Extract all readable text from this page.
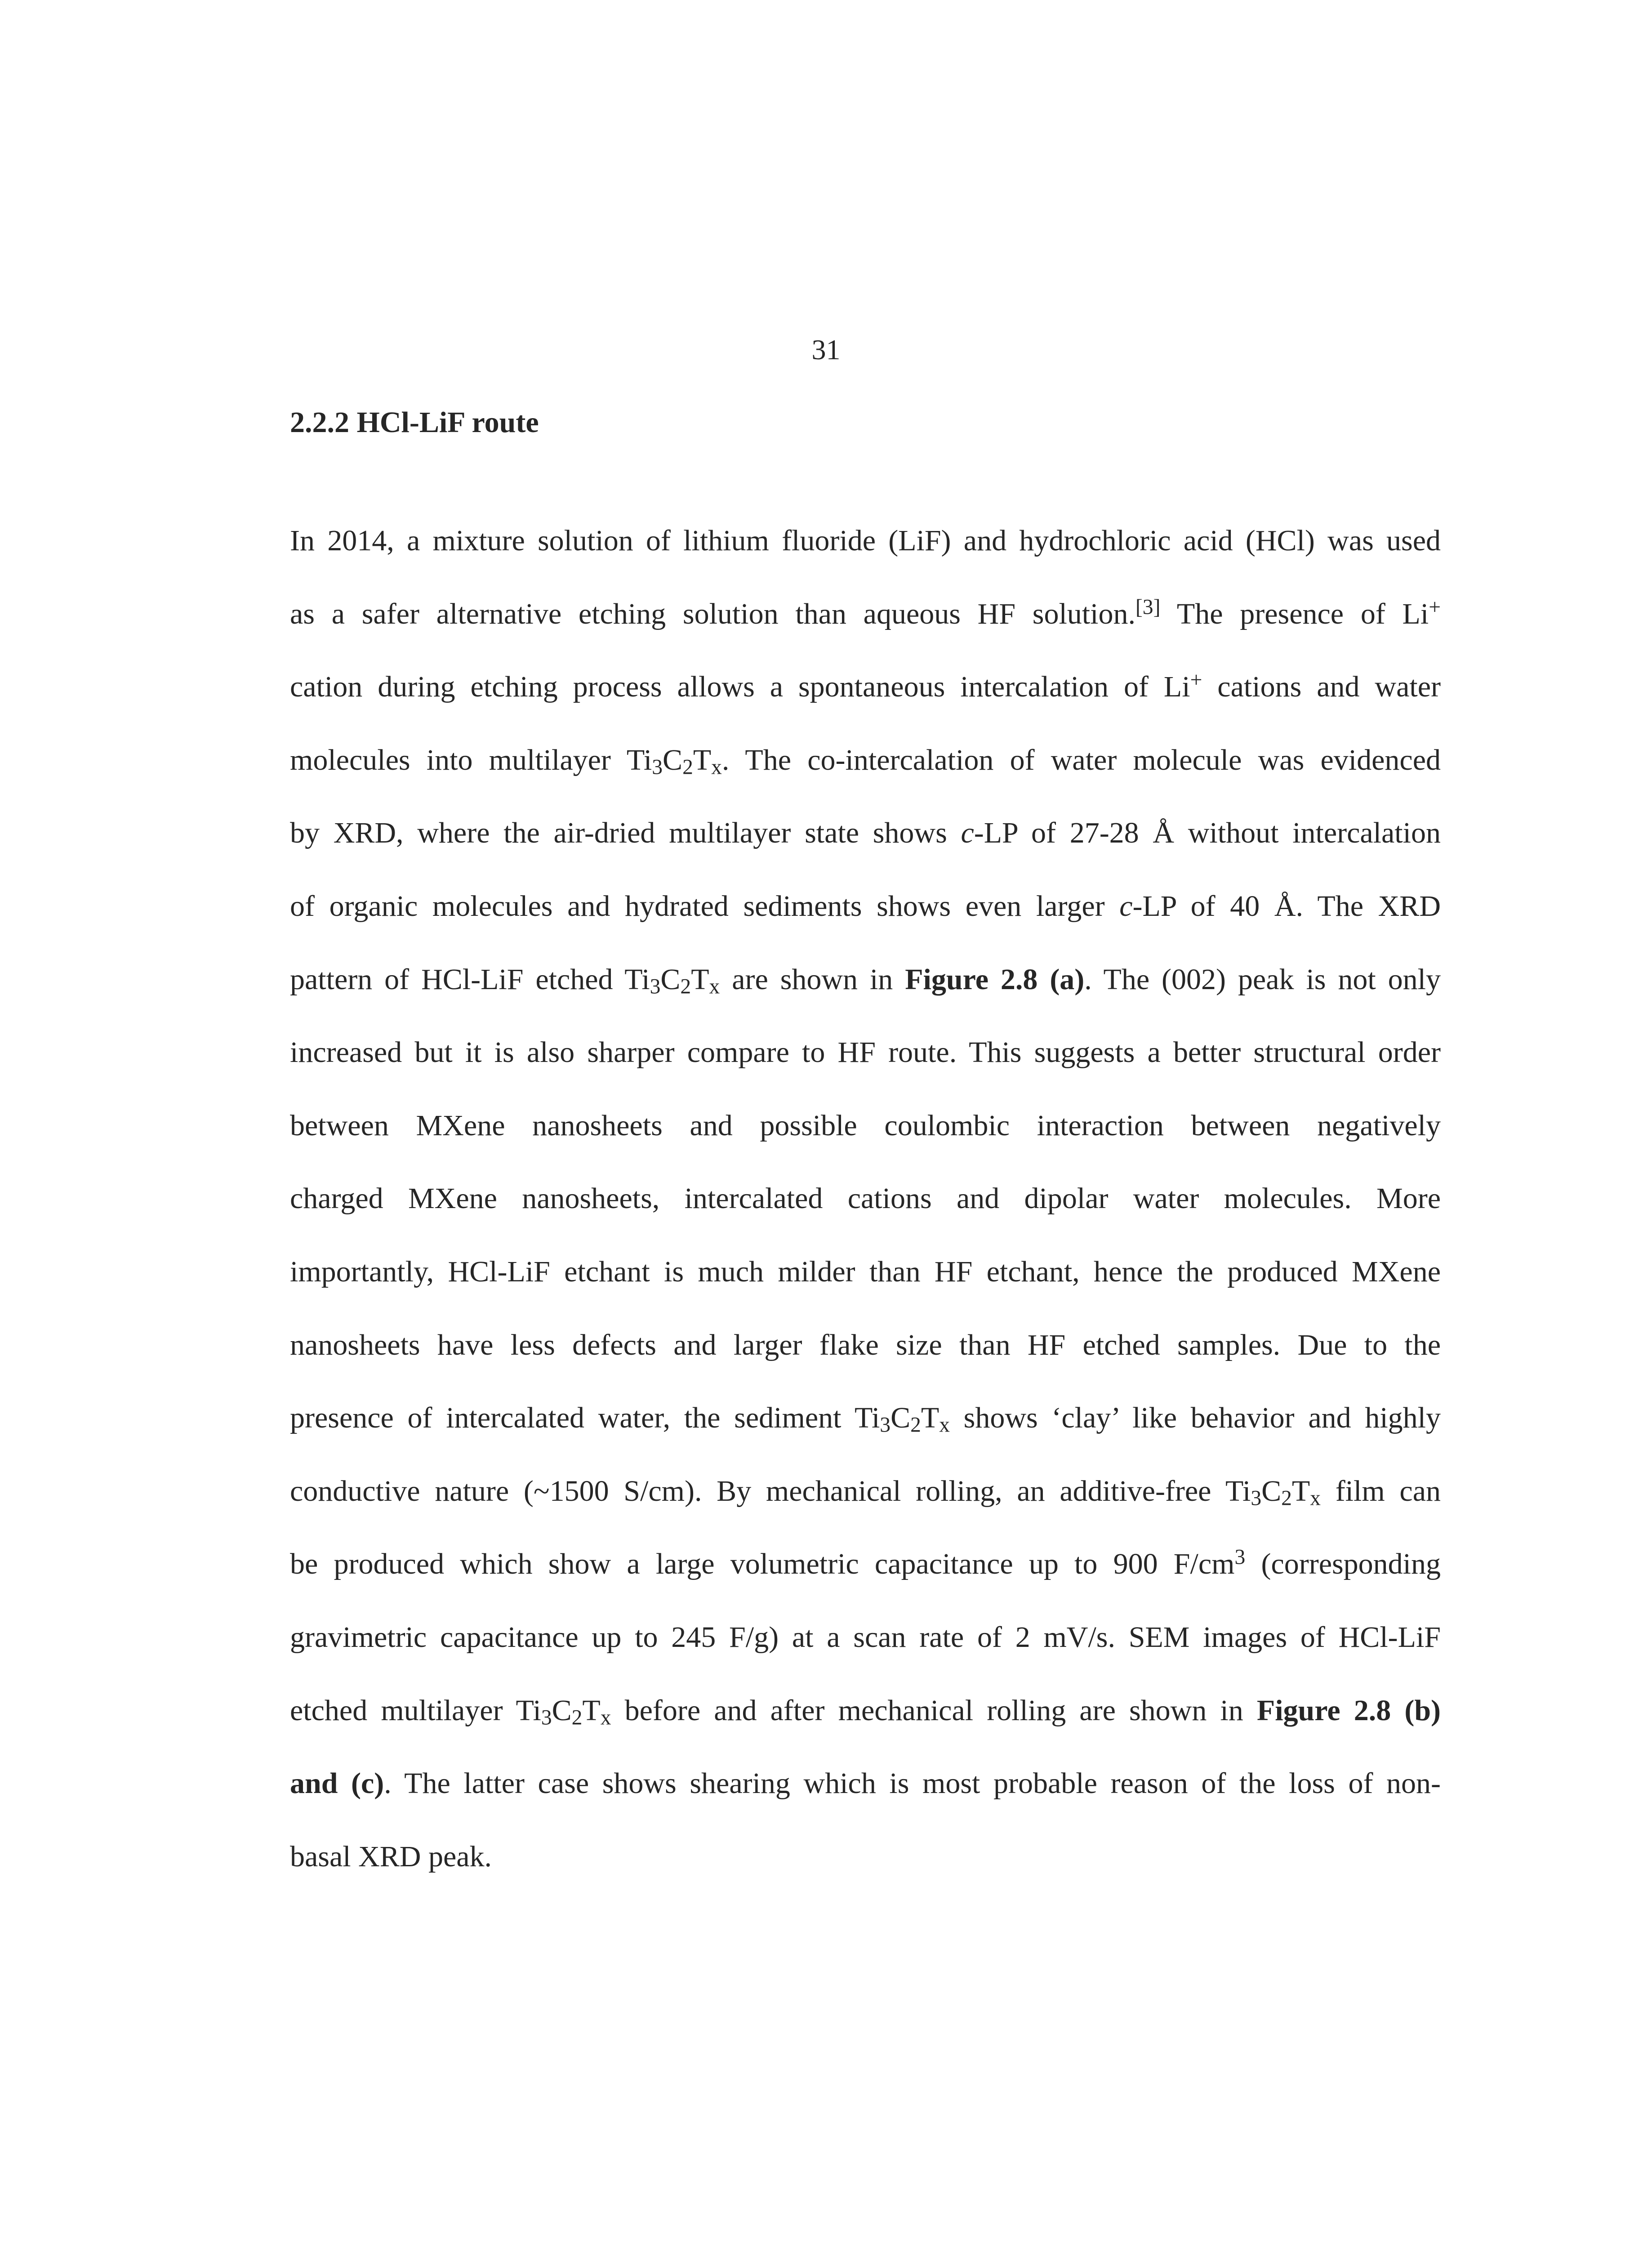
31
2.2.2 HCl-LiF route
In 2014, a mixture solution of lithium fluoride (LiF) and hydrochloric acid (HCl) was used
as a safer alternative etching solution than aqueous HF solution.[3] The presence of Li+
cation during etching process allows a spontaneous intercalation of Li+ cations and water
molecules into multilayer $Ti_3C_2T_x$. The co-intercalation of water molecule was evidenced
by XRD, where the air-dried multilayer state shows c-LP of 27-28 Å without intercalation
of organic molecules and hydrated sediments shows even larger c-LP of 40 Å. The XRD
pattern of HCl-LiF etched $Ti_3C_2T_x$ are shown in Figure 2.8 (a). The (002) peak is not only
increased but it is also sharper compare to HF route. This suggests a better structural order
between MXene nanosheets and possible coulombic interaction between negatively
charged MXene nanosheets, intercalated cations and dipolar water molecules. More
importantly, HCl-LiF etchant is much milder than HF etchant, hence the produced MXene
nanosheets have less defects and larger flake size than HF etched samples. Due to the
presence of intercalated water, the sediment $Ti_3C_2T_x$ shows ‘clay’ like behavior and highly
conductive nature (~1500 S/cm). By mechanical rolling, an additive-free $Ti_3C_2T_x$ film can
be produced which show a large volumetric capacitance up to 900 $F/cm^3$ (corresponding
gravimetric capacitance up to 245 F/g) at a scan rate of 2 mV/s. SEM images of HCl-LiF
etched multilayer $Ti_3C_2T_x$ before and after mechanical rolling are shown in Figure 2.8 (b)
and (c). The latter case shows shearing which is most probable reason of the loss of non-
basal XRD peak.
